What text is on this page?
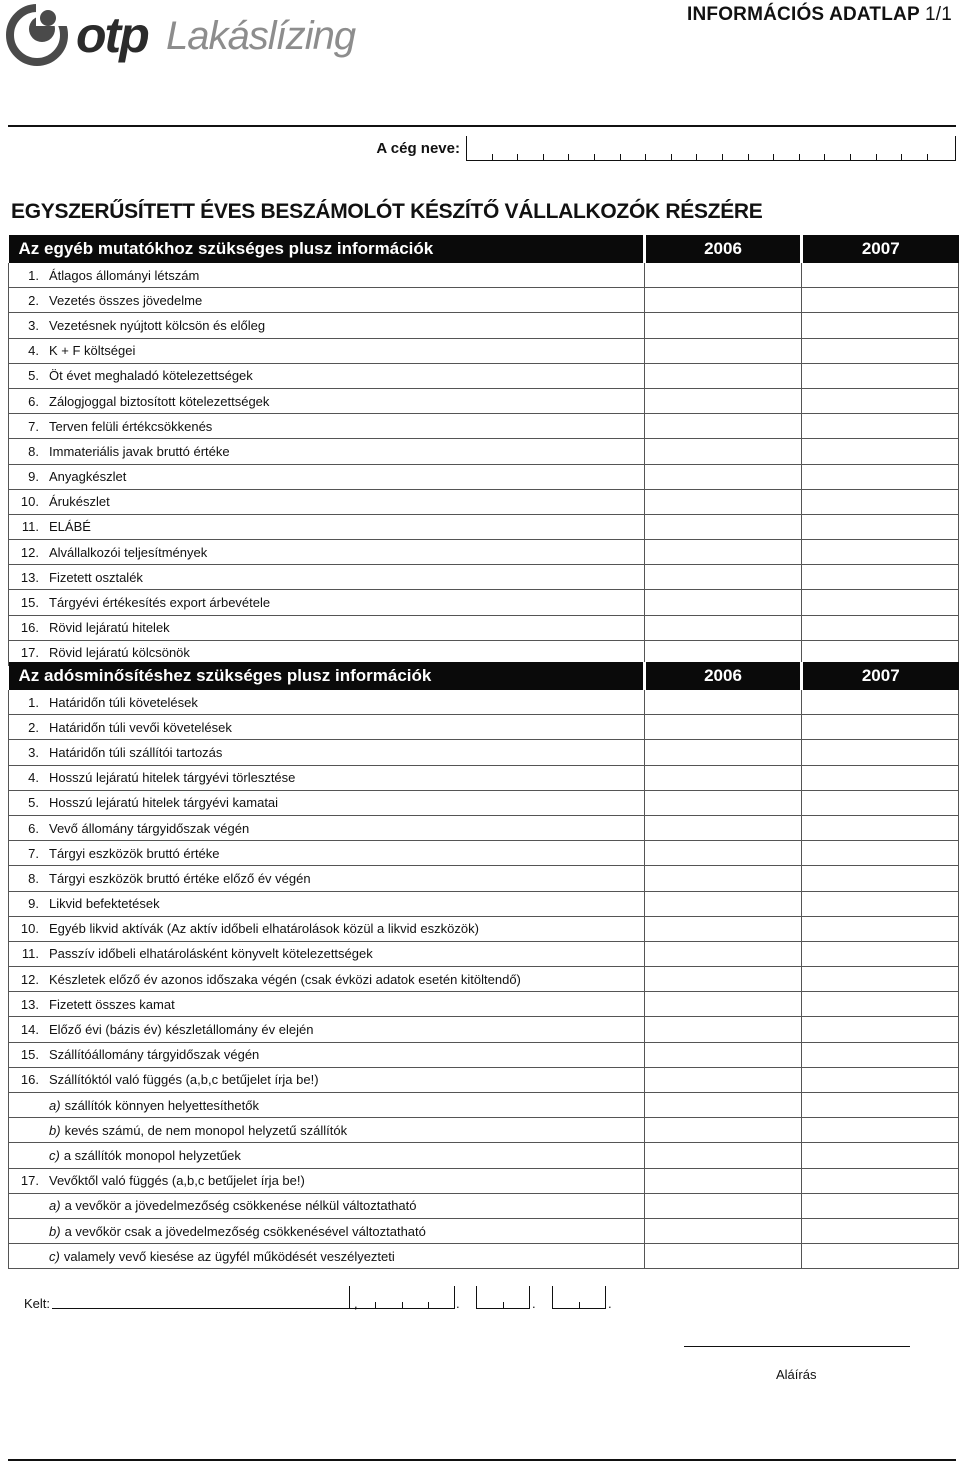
otp Lakáslízing	INFORMÁCIÓS ADATLAP 1/1
A cég neve:
EGYSZERŰSÍTETT ÉVES BESZÁMOLÓT KÉSZÍTŐ VÁLLALKOZÓK RÉSZÉRE
Az egyéb mutatókhoz szükséges plusz információk	2006	2007
1. Átlagos állományi létszám		
2. Vezetés összes jövedelme		
3. Vezetésnek nyújtott kölcsön és előleg		
4. K + F költségei		
5. Öt évet meghaladó kötelezettségek		
6. Zálogjoggal biztosított kötelezettségek		
7. Terven felüli értékcsökkenés		
8. Immateriális javak bruttó értéke		
9. Anyagkészlet		
10. Árukészlet		
11. ELÁBÉ		
12. Alvállalkozói teljesítmények		
13. Fizetett osztalék		
15. Tárgyévi értékesítés export árbevétele		
16. Rövid lejáratú hitelek		
17. Rövid lejáratú kölcsönök		
Az adósminősítéshez szükséges plusz információk	2006	2007
1. Határidőn túli követelések		
2. Határidőn túli vevői követelések		
3. Határidőn túli szállítói tartozás		
4. Hosszú lejáratú hitelek tárgyévi törlesztése		
5. Hosszú lejáratú hitelek tárgyévi kamatai		
6. Vevő állomány tárgyidőszak végén		
7. Tárgyi eszközök bruttó értéke		
8. Tárgyi eszközök bruttó értéke előző év végén		
9. Likvid befektetések		
10. Egyéb likvid aktívák (Az aktív időbeli elhatárolások közül a likvid eszközök)		
11. Passzív időbeli elhatárolásként könyvelt kötelezettségek		
12. Készletek előző év azonos időszaka végén (csak évközi adatok esetén kitöltendő)		
13. Fizetett összes kamat		
14. Előző évi (bázis év) készletállomány év elején		
15. Szállítóállomány tárgyidőszak végén		
16. Szállítóktól való függés (a,b,c betűjelet írja be!)		
a) szállítók könnyen helyettesíthetők		
b) kevés számú, de nem monopol helyzetű szállítók		
c) a szállítók monopol helyzetűek		
17. Vevőktől való függés (a,b,c betűjelet írja be!)		
a) a vevőkör a jövedelmezőség csökkenése nélkül változtatható		
b) a vevőkör csak a jövedelmezőség csökkenésével változtatható		
c) valamely vevő kiesése az ügyfél működését veszélyezteti		
Kelt:	,	.	.	.
Aláírás
